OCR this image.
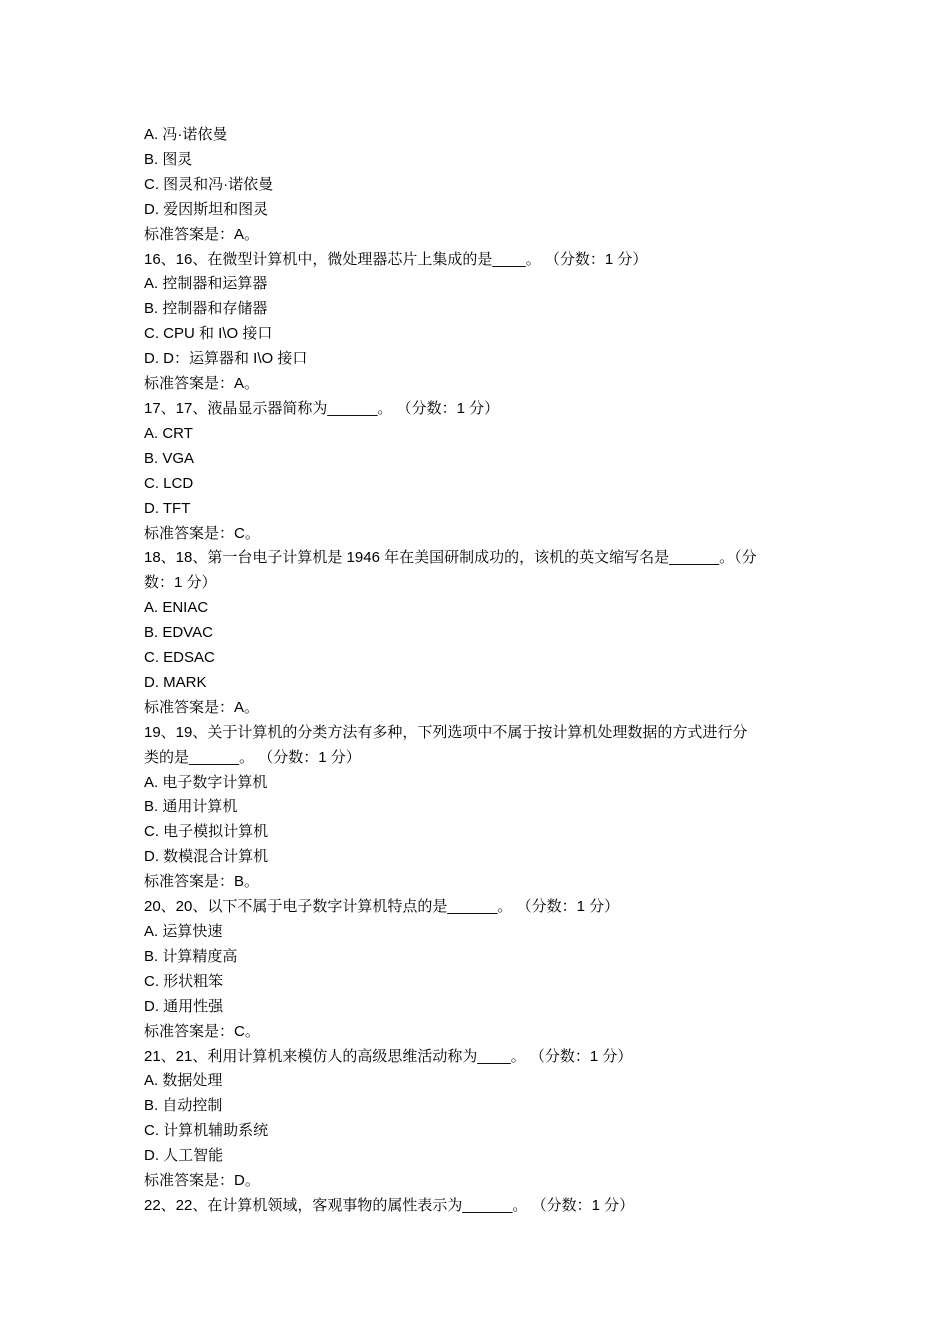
A. 冯·诺依曼

B. 图灵

C. 图灵和冯·诺依曼

D. 爱因斯坦和图灵

标准答案是：A。

16、16、在微型计算机中，微处理器芯片上集成的是____。 （分数：1 分）

A. 控制器和运算器

B. 控制器和存储器

C. CPU 和 I\O 接口

D. D：运算器和 I\O 接口

标准答案是：A。

17、17、液晶显示器简称为______。 （分数：1 分）

A. CRT

B. VGA

C. LCD

D. TFT

标准答案是：C。

18、18、第一台电子计算机是 1946 年在美国研制成功的，该机的英文缩写名是______。（分

数：1 分）

A. ENIAC

B. EDVAC

C. EDSAC

D. MARK

标准答案是：A。

19、19、关于计算机的分类方法有多种，下列选项中不属于按计算机处理数据的方式进行分

类的是______。 （分数：1 分）

A. 电子数字计算机

B. 通用计算机

C. 电子模拟计算机

D. 数模混合计算机

标准答案是：B。

20、20、以下不属于电子数字计算机特点的是______。 （分数：1 分）

A. 运算快速

B. 计算精度高

C. 形状粗笨

D. 通用性强

标准答案是：C。

21、21、利用计算机来模仿人的高级思维活动称为____。 （分数：1 分）

A. 数据处理

B. 自动控制

C. 计算机辅助系统

D. 人工智能

标准答案是：D。

22、22、在计算机领域，客观事物的属性表示为______。 （分数：1 分）
